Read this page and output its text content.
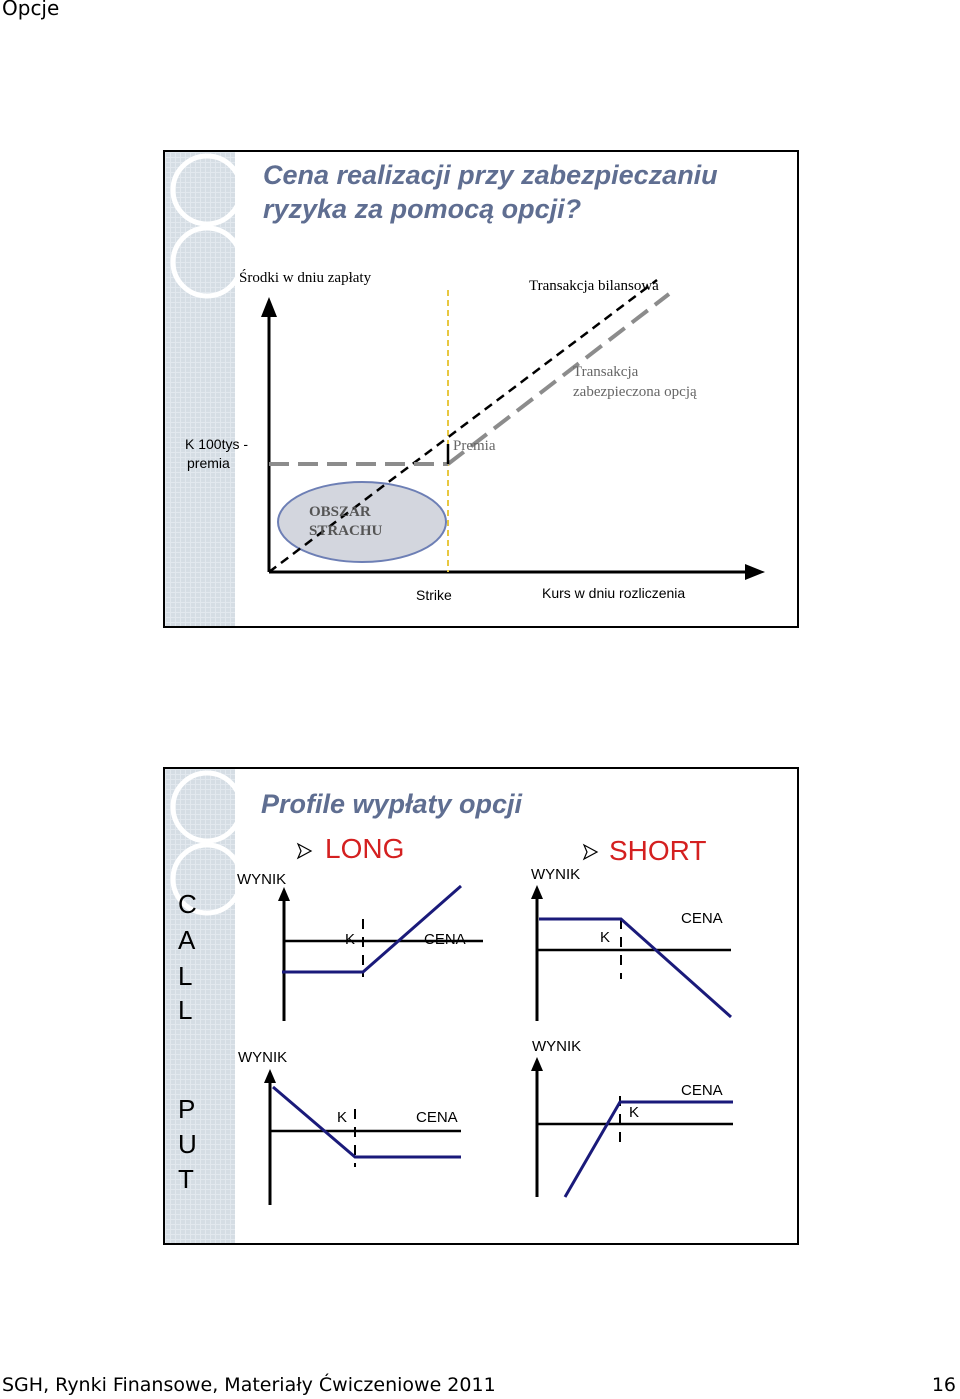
Opcje
Cena realizacji przy zabezpieczaniu
ryzyka za pomocą opcji?
Środki w dniu zapłaty	Transakcja bilansowa
Transakcja
zabezpieczona opcją
K 100tys -
premia
Premia
OBSZAR
STRACHU
Strike	Kurs w dniu rozliczenia
Profile wypłaty opcji
C
A
L
L
P
U
T
LONG	SHORT
WYNIK
K	CENA
WYNIK
K
CENA
WYNIK
K	CENA
WYNIK
K
CENA
SGH, Rynki Finansowe, Materiały Ćwiczeniowe 2011	16
